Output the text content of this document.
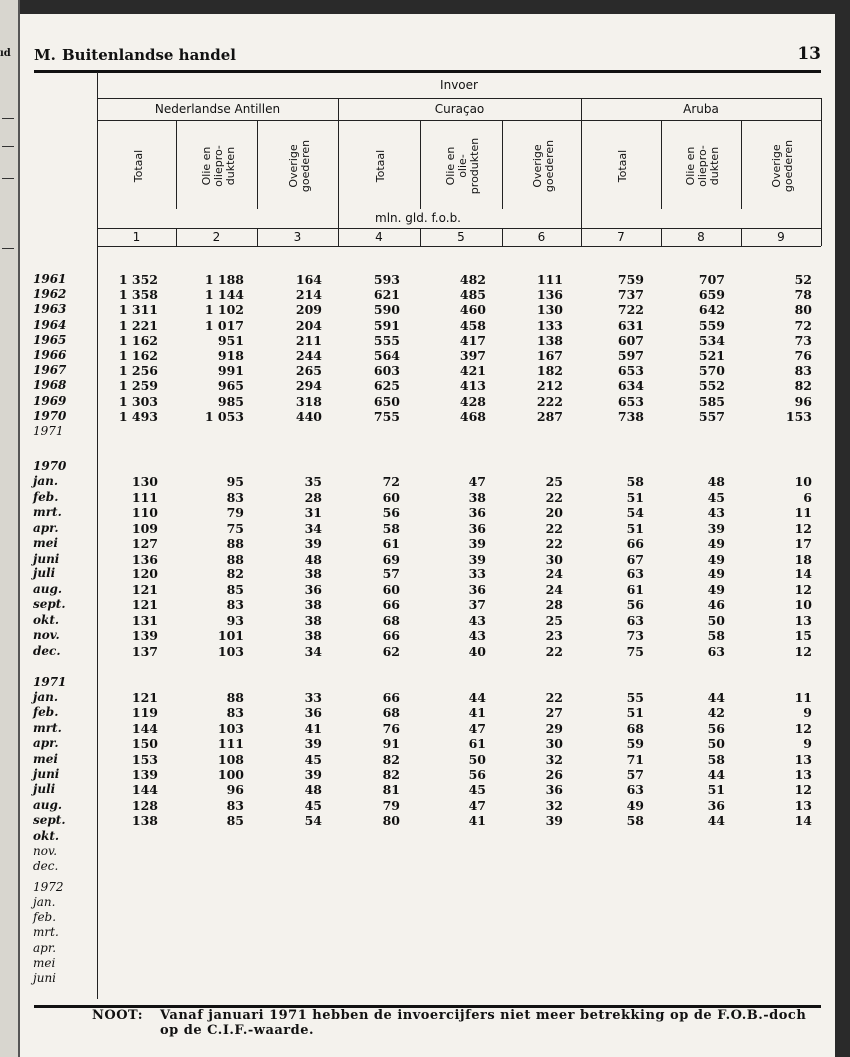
ıd M. Buitenlandse handel	13
Invoer
Nederlandse Antillen	Curaçao	Aruba
Totaal	Olie en
oliepro-
dukten	Overige
goederen	Totaal	Olie en
olie-
produkten	Overige
goederen	Totaal	Olie en
oliepro-
dukten	Overige
goederen
mln. gld. f.o.b.
1	2	3	4	5	6	7	8	9
1961	1 352	1 188	164	593	482	111	759	707	52
1962	1 358	1 144	214	621	485	136	737	659	78
1963	1 311	1 102	209	590	460	130	722	642	80
1964	1 221	1 017	204	591	458	133	631	559	72
1965	1 162	951	211	555	417	138	607	534	73
1966	1 162	918	244	564	397	167	597	521	76
1967	1 256	991	265	603	421	182	653	570	83
1968	1 259	965	294	625	413	212	634	552	82
1969	1 303	985	318	650	428	222	653	585	96
1970	1 493	1 053	440	755	468	287	738	557	153
1971
1970
jan.	130	95	35	72	47	25	58	48	10
feb.	111	83	28	60	38	22	51	45	6
mrt.	110	79	31	56	36	20	54	43	11
apr.	109	75	34	58	36	22	51	39	12
mei	127	88	39	61	39	22	66	49	17
juni	136	88	48	69	39	30	67	49	18
juli	120	82	38	57	33	24	63	49	14
aug.	121	85	36	60	36	24	61	49	12
sept.	121	83	38	66	37	28	56	46	10
okt.	131	93	38	68	43	25	63	50	13
nov.	139	101	38	66	43	23	73	58	15
dec.	137	103	34	62	40	22	75	63	12
1971
jan.	121	88	33	66	44	22	55	44	11
feb.	119	83	36	68	41	27	51	42	9
mrt.	144	103	41	76	47	29	68	56	12
apr.	150	111	39	91	61	30	59	50	9
mei	153	108	45	82	50	32	71	58	13
juni	139	100	39	82	56	26	57	44	13
juli	144	96	48	81	45	36	63	51	12
aug.	128	83	45	79	47	32	49	36	13
sept.	138	85	54	80	41	39	58	44	14
okt.
nov.
dec.
1972
jan.
feb.
mrt.
apr.
mei
juni
NOOT: Vanaf januari 1971 hebben de invoercijfers niet meer betrekking op de F.O.B.-doch op de C.I.F.-waarde.
